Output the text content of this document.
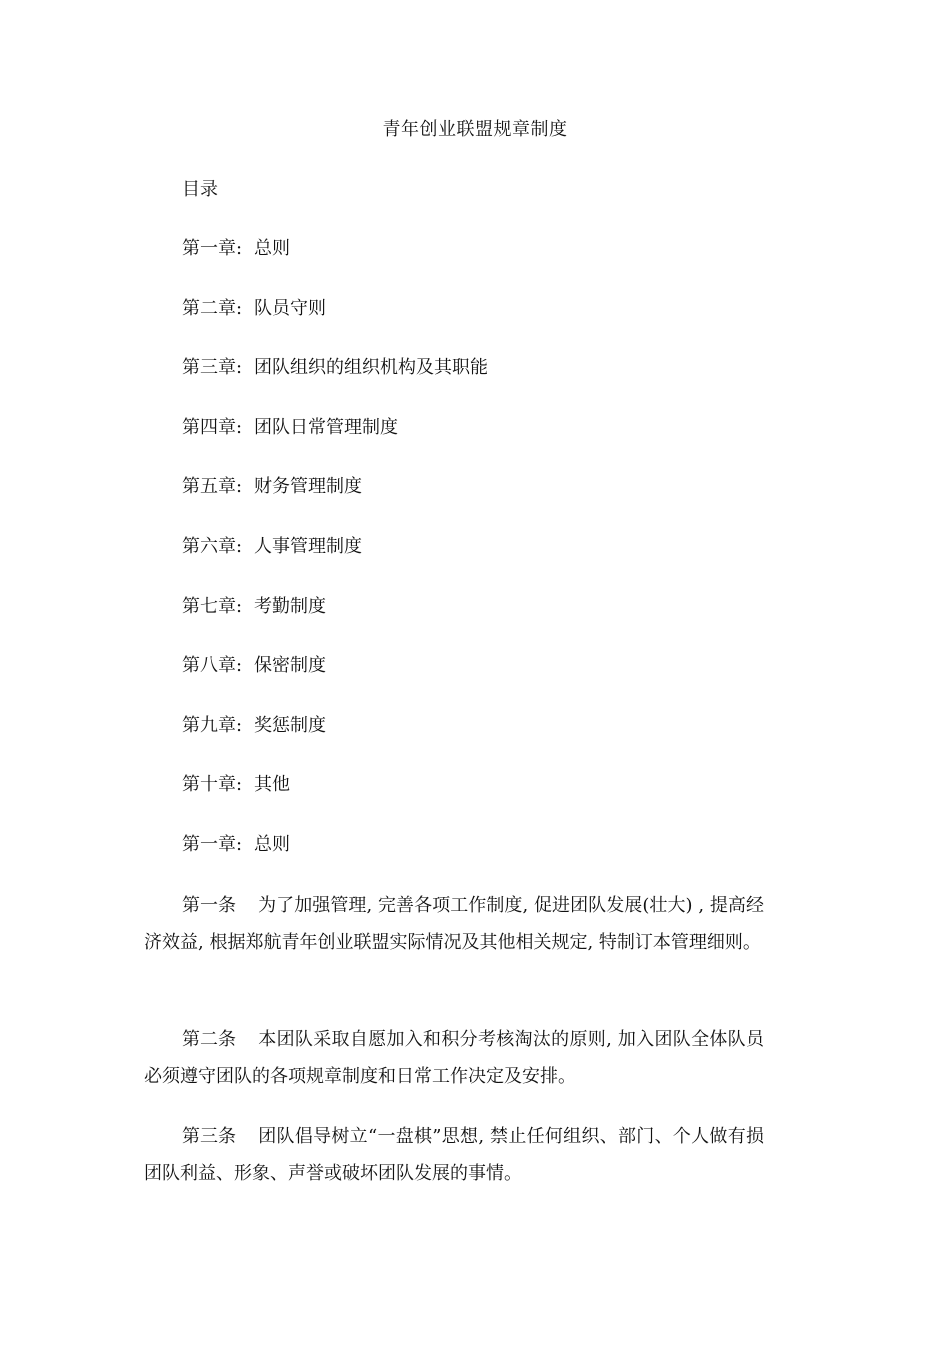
青年创业联盟规章制度
目录
第一章: 总则
第二章: 队员守则
第三章: 团队组织的组织机构及其职能
第四章: 团队日常管理制度
第五章: 财务管理制度
第六章: 人事管理制度
第七章: 考勤制度
第八章: 保密制度
第九章: 奖惩制度
第十章: 其他
第一章: 总则

第一条 为了加强管理, 完善各项工作制度, 促进团队发展(壮大) , 提高经济效益, 根据郑航青年创业联盟实际情况及其他相关规定, 特制订本管理细则。

第二条 本团队采取自愿加入和积分考核淘汰的原则, 加入团队全体队员必须遵守团队的各项规章制度和日常工作决定及安排。

第三条 团队倡导树立“一盘棋”思想, 禁止任何组织、部门、个人做有损团队利益、形象、声誉或破坏团队发展的事情。
